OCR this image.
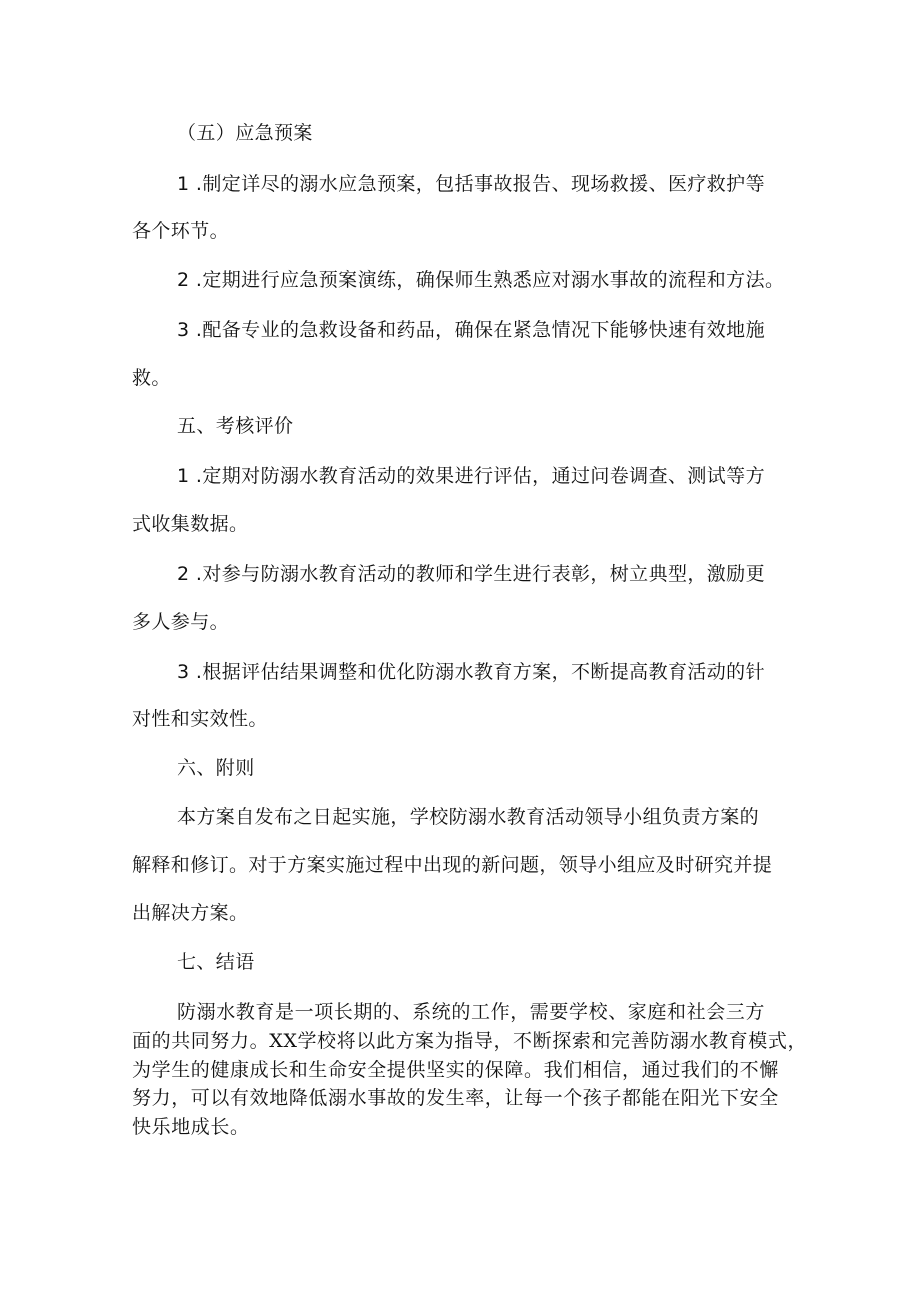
（五）应急预案
1 .制定详尽的溺水应急预案，包括事故报告、现场救援、医疗救护等
各个环节。
2 .定期进行应急预案演练，确保师生熟悉应对溺水事故的流程和方法。
3 .配备专业的急救设备和药品，确保在紧急情况下能够快速有效地施
救。
五、考核评价
1 .定期对防溺水教育活动的效果进行评估，通过问卷调查、测试等方
式收集数据。
2 .对参与防溺水教育活动的教师和学生进行表彰，树立典型，激励更
多人参与。
3 .根据评估结果调整和优化防溺水教育方案，不断提高教育活动的针
对性和实效性。
六、附则
本方案自发布之日起实施，学校防溺水教育活动领导小组负责方案的
解释和修订。对于方案实施过程中出现的新问题，领导小组应及时研究并提
出解决方案。
七、结语
防溺水教育是一项长期的、系统的工作，需要学校、家庭和社会三方
面的共同努力。XX学校将以此方案为指导，不断探索和完善防溺水教育模式，
为学生的健康成长和生命安全提供坚实的保障。我们相信，通过我们的不懈
努力，可以有效地降低溺水事故的发生率，让每一个孩子都能在阳光下安全
快乐地成长。
